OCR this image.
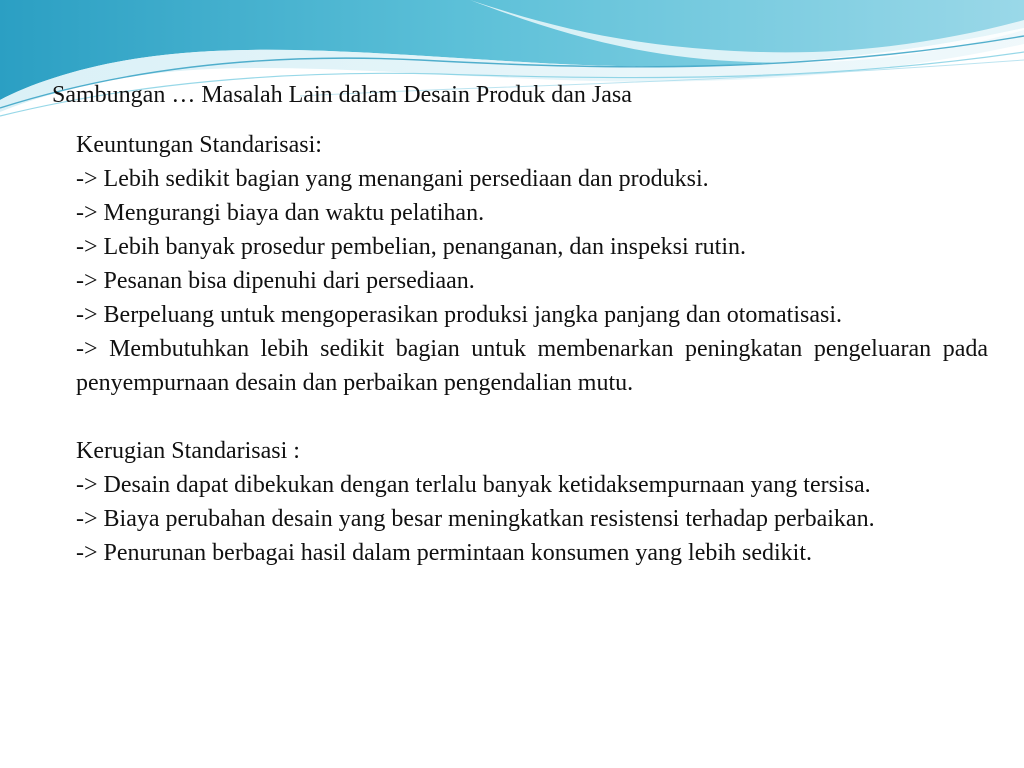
Sambungan … Masalah Lain dalam Desain Produk dan Jasa
Keuntungan Standarisasi:
-> Lebih sedikit bagian yang menangani persediaan dan produksi.
-> Mengurangi biaya dan waktu pelatihan.
-> Lebih banyak prosedur pembelian, penanganan, dan inspeksi rutin.
-> Pesanan bisa dipenuhi dari persediaan.
-> Berpeluang untuk mengoperasikan produksi jangka panjang dan otomatisasi.
-> Membutuhkan lebih sedikit bagian untuk membenarkan peningkatan pengeluaran pada penyempurnaan desain dan perbaikan pengendalian mutu.
Kerugian Standarisasi :
-> Desain dapat dibekukan dengan terlalu banyak ketidaksempurnaan yang tersisa.
-> Biaya perubahan desain yang besar meningkatkan resistensi terhadap perbaikan.
-> Penurunan berbagai hasil dalam permintaan konsumen yang lebih sedikit.
